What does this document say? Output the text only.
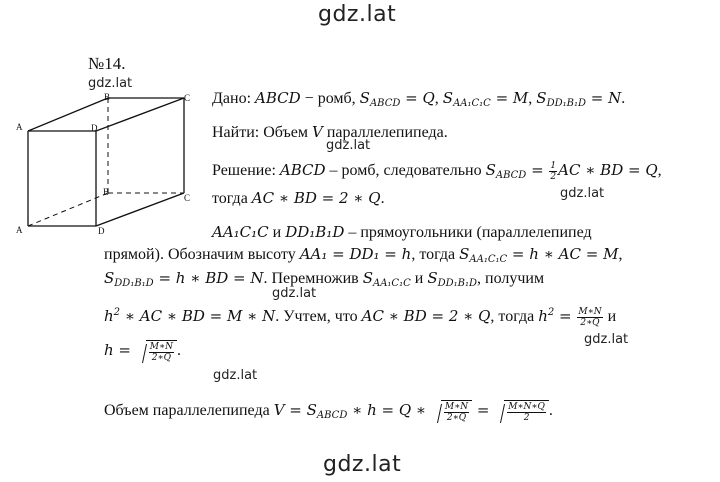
gdz.lat
gdz.lat
gdz.lat
gdz.lat
gdz.lat
gdz.lat
gdz.lat
gdz.lat
№14.
A
B	C
D
A
B
C
D
Дано: ABCD − ромб, $S_{ABCD} = Q$, $S_{AA_1C_1C} = M$, $S_{DD_1B_1D} = N$.
Найти: Объем V параллелепипеда.
Решение: ABCD – ромб, следовательно $S_{ABCD} = \frac{1}{2}$ AC ∗ BD = Q,
тогда AC ∗ BD = 2 ∗ Q.
AA₁C₁C и DD₁B₁D – прямоугольники (параллелепипед
прямой). Обозначим высоту AA₁ = DD₁ = h, тогда $S_{AA_1C_1C} = h$ ∗ AC = M,
$S_{DD_1B_1D} = h$ ∗ BD = N. Перемножив $S_{AA_1C_1C}$ и $S_{DD_1B_1D}$, получим
$h^2$ ∗ AC ∗ BD = M ∗ N. Учтем, что AC ∗ BD = 2 ∗ Q, тогда $h^2 = \frac{M∗N}{2∗Q}$ и
$h = \frac{M∗N}{2∗Q}$ .
Объем параллелепипеда $V = S_{ABCD}$ ∗ h = Q ∗ $\frac{M∗N}{2∗Q} = \frac{M∗N∗Q}{2}$ .
